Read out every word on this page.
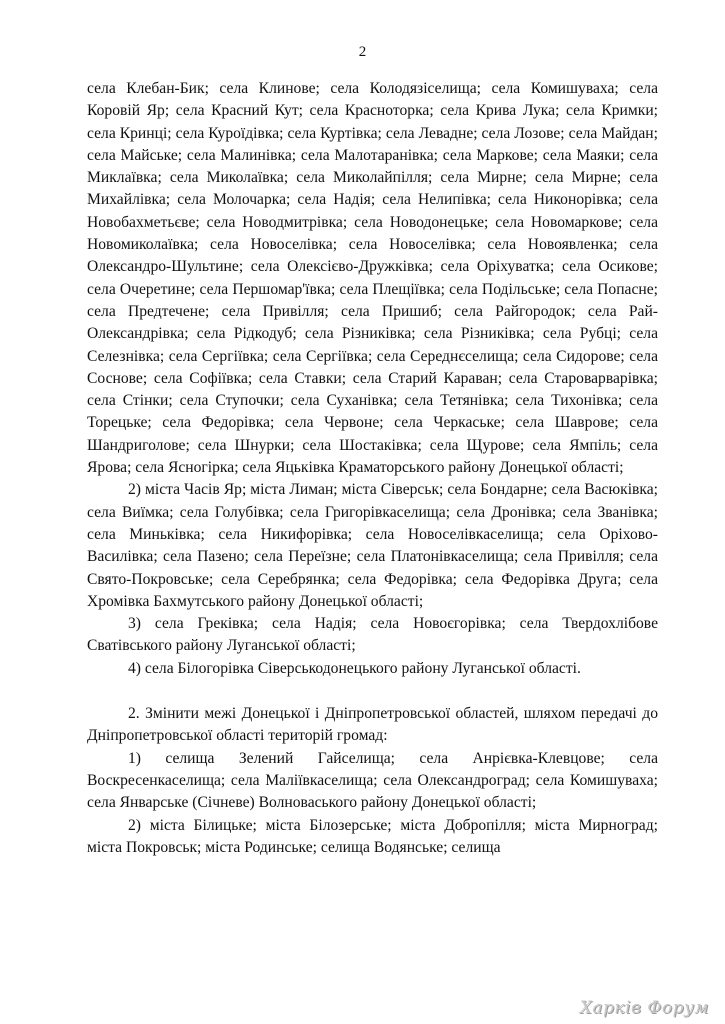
2

села Клебан-Бик; села Клинове; села Колодязіселища; села Комишуваха; села Коровій Яр; села Красний Кут; села Красноторка; села Крива Лука; села Кримки; села Кринці; села Куроїдівка; села Куртівка; села Левадне; села Лозове; села Майдан; села Майське; села Малинівка; села Малотаранівка; села Маркове; села Маяки; села Миклаївка; села Миколаївка; села Миколайпілля; села Мирне; села Мирне; села Михайлівка; села Молочарка; села Надія; села Нелипівка; села Никонорівка; села Новобахметьєве; села Новодмитрівка; села Новодонецьке; села Новомаркове; села Новомиколаївка; села Новоселівка; села Новоселівка; села Новоявленка; села Олександро-Шультине; села Олексієво-Дружківка; села Оріхуватка; села Осикове; села Очеретине; села Першомар'ївка; села Плещіївка; села Подільське; села Попасне; села Предтечене; села Привілля; села Пришиб; села Райгородок; села Рай-Олександрівка; села Рідкодуб; села Різниківка; села Різниківка; села Рубці; села Селезнівка; села Сергіївка; села Сергіївка; села Середнєселища; села Сидорове; села Соснове; села Софіївка; села Ставки; села Старий Караван; села Староварварівка; села Стінки; села Ступочки; села Суханівка; села Тетянівка; села Тихонівка; села Торецьке; села Федорівка; села Червоне; села Черкаське; села Шаврове; села Шандриголове; села Шнурки; села Шостаківка; села Щурове; села Ямпіль; села Ярова; села Ясногірка; села Яцьківка Краматорського району Донецької області;

2) міста Часів Яр; міста Лиман; міста Сіверськ; села Бондарне; села Васюківка; села Виїмка; села Голубівка; села Григорівкаселища; села Дронівка; села Званівка; села Миньківка; села Никифорівка; села Новоселівкаселища; села Оріхово-Василівка; села Пазено; села Переїзне; села Платонівкаселища; села Привілля; села Свято-Покровське; села Серебрянка; села Федорівка; села Федорівка Друга; села Хромівка Бахмутського району Донецької області;

3) села Греківка; села Надія; села Новоєгорівка; села Твердохлібове Сватівського району Луганської області;

4) села Білогорівка Сіверськодонецького району Луганської області.

2. Змінити межі Донецької і Дніпропетровської областей, шляхом передачі до Дніпропетровської області територій громад:

1) селища Зелений Гайселища; села Анрієвка-Клевцове; села Воскресенкаселища; села Маліївкаселища; села Олександроград; села Комишуваха; села Январське (Січневе) Волноваського району Донецької області;

2) міста Білицьке; міста Білозерське; міста Добропілля; міста Мирноград; міста Покровськ; міста Родинське; селища Водянське; селища

Харків Форум
